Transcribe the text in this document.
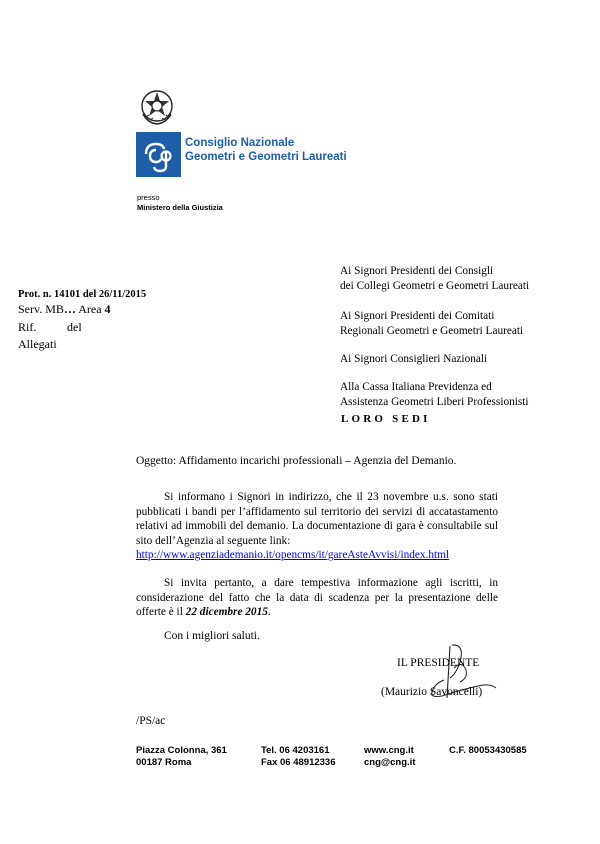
Consiglio Nazionale
Geometri e Geometri Laureati
presso
Ministero della Giustizia
Prot. n. 14101 del 26/11/2015
Serv. MB… Area 4
Rif.	del
Allegati
Ai Signori Presidenti dei Consigli
dei Collegi Geometri e Geometri Laureati
Ai Signori Presidenti dei Comitati
Regionali Geometri e Geometri Laureati
Ai Signori Consiglieri Nazionali
Alla Cassa Italiana Previdenza ed
Assistenza Geometri Liberi Professionisti
LORO SEDI
Oggetto: Affidamento incarichi professionali – Agenzia del Demanio.
Si informano i Signori in indirizzo, che il 23 novembre u.s. sono stati pubblicati i bandi per l’affidamento sul territorio dei servizi di accatastamento relativi ad immobili del demanio. La documentazione di gara è consultabile sul sito dell’Agenzia al seguente link:
http://www.agenziademanio.it/opencms/it/gareAsteAvvisi/index.html
Si invita pertanto, a dare tempestiva informazione agli iscritti, in considerazione del fatto che la data di scadenza per la presentazione delle offerte è il 22 dicembre 2015.
Con i migliori saluti.
IL PRESIDENTE
(Maurizio Savoncelli)
/PS/ac
Piazza Colonna, 361
00187 Roma
Tel. 06 4203161
Fax 06 48912336
www.cng.it
cng@cng.it
C.F. 80053430585
